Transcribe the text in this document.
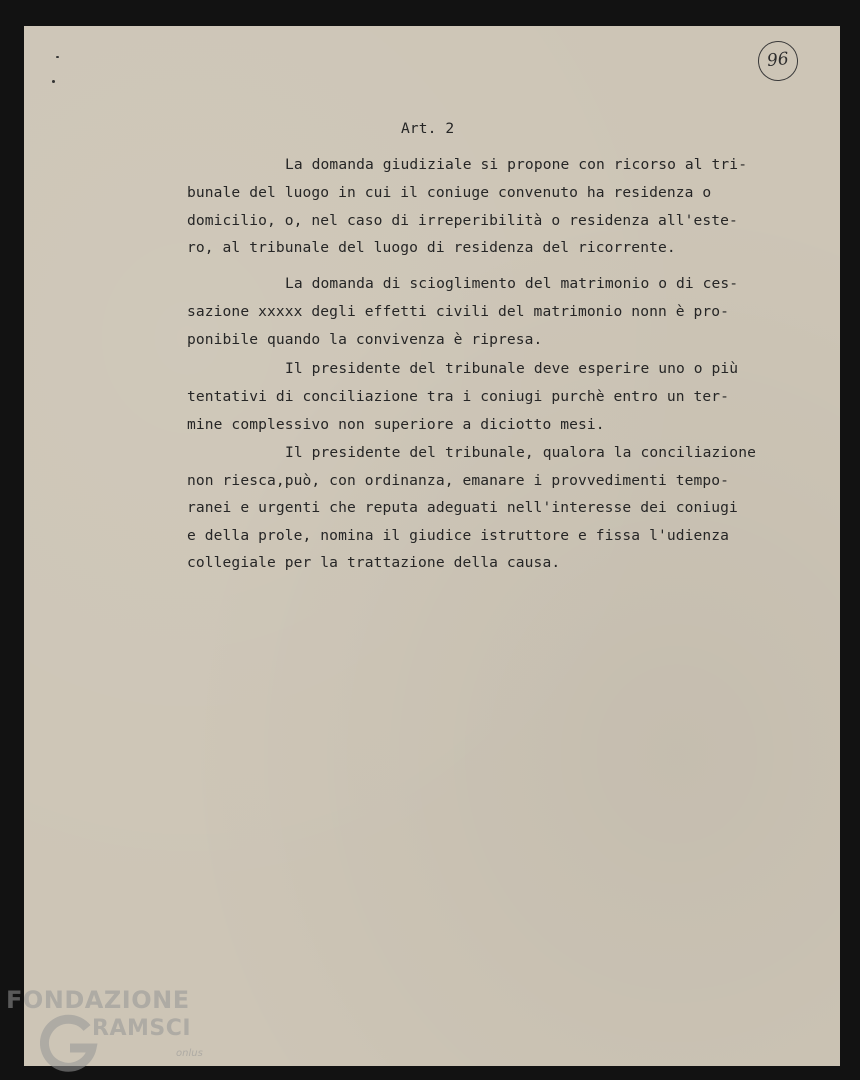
96
Art. 2
La domanda giudiziale si propone con ricorso al tri-
bunale del luogo in cui il coniuge convenuto ha residenza o
domicilio, o, nel caso di irreperibilità o residenza all'este-
ro, al tribunale del luogo di residenza del ricorrente.
La domanda di scioglimento del matrimonio o di ces-
sazione xxxxx degli effetti civili del matrimonio nonn è pro-
ponibile quando la convivenza è ripresa.
Il presidente del tribunale deve esperire uno o più
tentativi di conciliazione tra i coniugi purchè entro un ter-
mine complessivo non superiore a diciotto mesi.
Il presidente del tribunale, qualora la conciliazione
non riesca,può, con ordinanza, emanare i provvedimenti tempo-
ranei e urgenti che reputa adeguati nell'interesse dei coniugi
e della prole, nomina il giudice istruttore e fissa l'udienza
collegiale per la trattazione della causa.
FONDAZIONE
RAMSCI
onlus
